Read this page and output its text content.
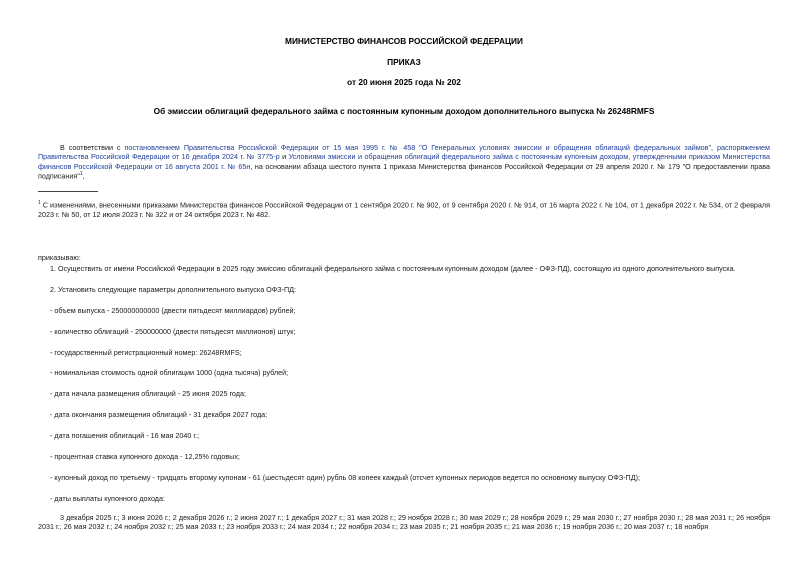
МИНИСТЕРСТВО ФИНАНСОВ РОССИЙСКОЙ ФЕДЕРАЦИИ
ПРИКАЗ
от 20 июня 2025 года № 202
Об эмиссии облигаций федерального займа с постоянным купонным доходом дополнительного выпуска № 26248RMFS
В соответствии с постановлением Правительства Российской Федерации от 15 мая 1995 г. № 458 "О Генеральных условиях эмиссии и обращения облигаций федеральных займов", распоряжением Правительства Российской Федерации от 16 декабря 2024 г. № 3775-р и Условиями эмиссии и обращения облигаций федерального займа с постоянным купонным доходом, утвержденными приказом Министерства финансов Российской Федерации от 16 августа 2001 г. № 65н, на основании абзаца шестого пункта 1 приказа Министерства финансов Российской Федерации от 29 апреля 2020 г. № 179 "О предоставлении права подписания"$^1$,
$^1$ С изменениями, внесенными приказами Министерства финансов Российской Федерации от 1 сентября 2020 г. № 902, от 9 сентября 2020 г. № 914, от 16 марта 2022 г. № 104, от 1 декабря 2022 г. № 534, от 2 февраля 2023 г. № 50, от 12 июля 2023 г. № 322 и от 24 октября 2023 г. № 482.
приказываю:
1. Осуществить от имени Российской Федерации в 2025 году эмиссию облигаций федерального займа с постоянным купонным доходом (далее - ОФЗ-ПД), состоящую из одного дополнительного выпуска.
2. Установить следующие параметры дополнительного выпуска ОФЗ-ПД:
- объем выпуска - 250000000000 (двести пятьдесят миллиардов) рублей;
- количество облигаций - 250000000 (двести пятьдесят миллионов) штук;
- государственный регистрационный номер: 26248RMFS;
- номинальная стоимость одной облигации 1000 (одна тысяча) рублей;
- дата начала размещения облигаций - 25 июня 2025 года;
- дата окончания размещения облигаций - 31 декабря 2027 года;
- дата погашения облигаций - 16 мая 2040 г.;
- процентная ставка купонного дохода - 12,25% годовых;
- купонный доход по третьему - тридцать второму купонам - 61 (шестьдесят один) рубль 08 копеек каждый (отсчет купонных периодов ведется по основному выпуску ОФЗ-ПД);
- даты выплаты купонного дохода:
3 декабря 2025 г.; 3 июня 2026 г.; 2 декабря 2026 г.; 2 июня 2027 г.; 1 декабря 2027 г.; 31 мая 2028 г.; 29 ноября 2028 г.; 30 мая 2029 г.; 28 ноября 2029 г.; 29 мая 2030 г.; 27 ноября 2030 г.; 28 мая 2031 г.; 26 ноября 2031 г.; 26 мая 2032 г.; 24 ноября 2032 г.; 25 мая 2033 г.; 23 ноября 2033 г.; 24 мая 2034 г.; 22 ноября 2034 г.; 23 мая 2035 г.; 21 ноября 2035 г.; 21 мая 2036 г.; 19 ноября 2036 г.; 20 мая 2037 г.; 18 ноября
